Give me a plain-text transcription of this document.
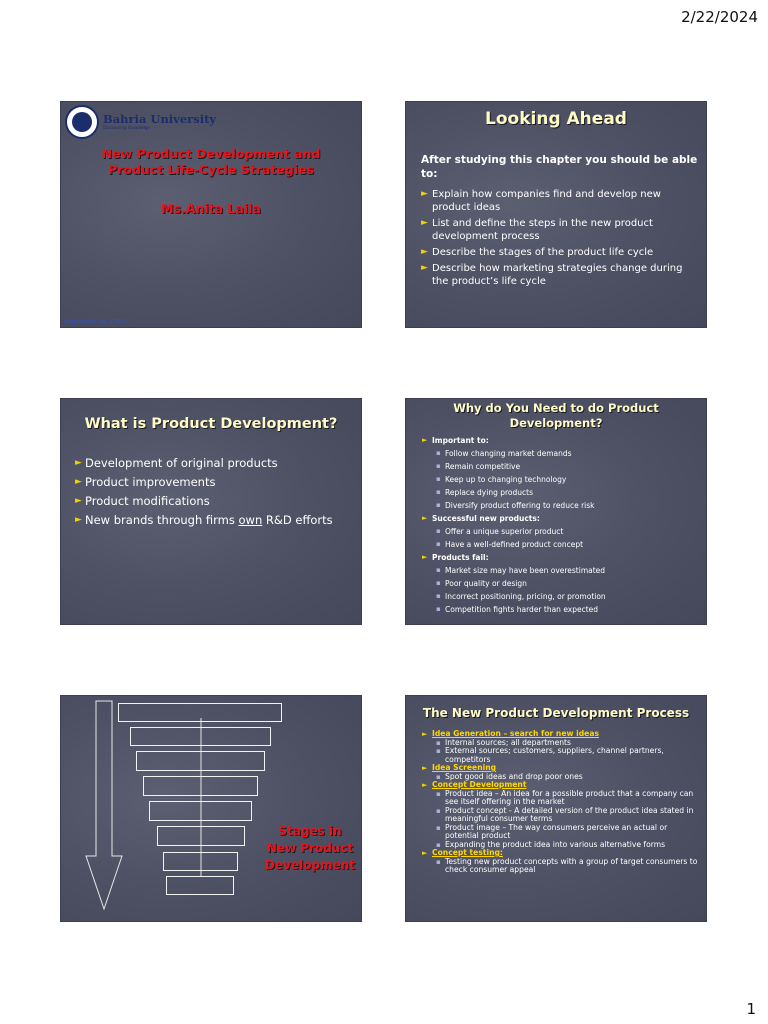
2/22/2024
Bahria University
Discovering Knowledge
New Product Development and
Product Life-Cycle Strategies
Ms.Anita Laila
Prentice Hall, Inc. ©2003
Looking Ahead
After studying this chapter you should be able to:
► Explain how companies find and develop new product ideas
► List and define the steps in the new product development process
► Describe the stages of the product life cycle
► Describe how marketing strategies change during the product’s life cycle
What is Product Development?
► Development of original products
► Product improvements
► Product modifications
► New brands through firms own R&D efforts
Why do You Need to do Product Development?
► Important to:
▪ Follow changing market demands
▪ Remain competitive
▪ Keep up to changing technology
▪ Replace dying products
▪ Diversify product offering to reduce risk
► Successful new products:
▪ Offer a unique superior product
▪ Have a well-defined product concept
► Products fail:
▪ Market size may have been overestimated
▪ Poor quality or design
▪ Incorrect positioning, pricing, or promotion
▪ Competition fights harder than expected
Stages in
New Product
Development
The New Product Development Process
► Idea Generation – search for new ideas
▪ Internal sources; all departments
▪ External sources; customers, suppliers, channel partners, competitors
► Idea Screening
▪ Spot good ideas and drop poor ones
► Concept Development
▪ Product idea – An idea for a possible product that a company can see itself offering in the market
▪ Product concept - A detailed version of the product idea stated in meaningful consumer terms
▪ Product image – The way consumers perceive an actual or potential product
▪ Expanding the product idea into various alternative forms
► Concept testing:
▪ Testing new product concepts with a group of target consumers to check consumer appeal
1
